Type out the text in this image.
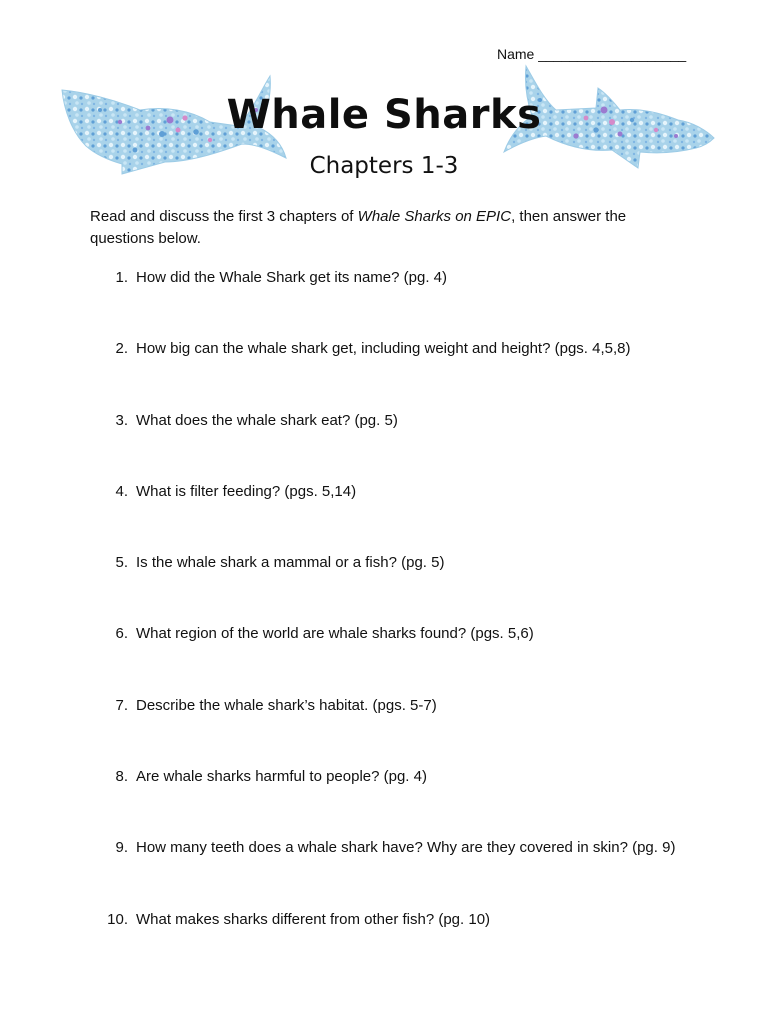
Name ___________________
Whale Sharks
Chapters 1-3
Read and discuss the first 3 chapters of Whale Sharks on EPIC, then answer the questions below.
1. How did the Whale Shark get its name? (pg. 4)
2. How big can the whale shark get, including weight and height? (pgs. 4,5,8)
3. What does the whale shark eat? (pg. 5)
4. What is filter feeding? (pgs. 5,14)
5. Is the whale shark a mammal or a fish? (pg. 5)
6. What region of the world are whale sharks found? (pgs. 5,6)
7. Describe the whale shark’s habitat. (pgs. 5-7)
8. Are whale sharks harmful to people? (pg. 4)
9. How many teeth does a whale shark have? Why are they covered in skin? (pg. 9)
10. What makes sharks different from other fish? (pg. 10)
